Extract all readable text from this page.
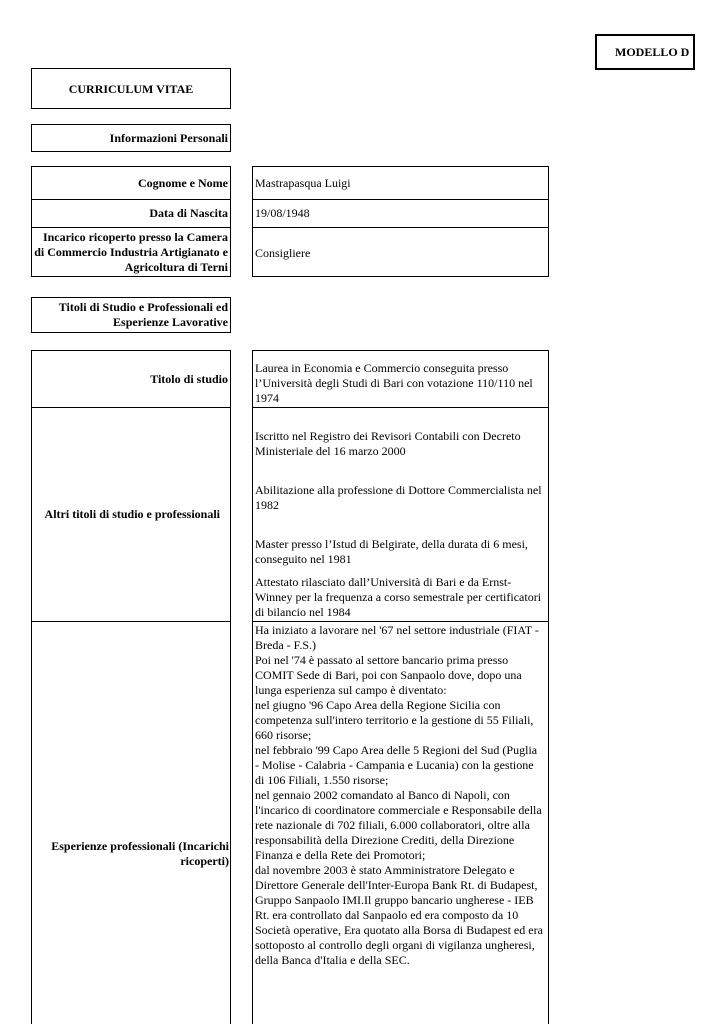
MODELLO D
CURRICULUM VITAE
Informazioni Personali
Cognome e Nome
Data di Nascita
Incarico ricoperto presso la Camera di Commercio Industria Artigianato e Agricoltura di Terni
Mastrapasqua Luigi
19/08/1948
Consigliere
Titoli di Studio e Professionali ed Esperienze Lavorative
Titolo di studio
Laurea in Economia e Commercio conseguita presso l’Università degli Studi di Bari con votazione 110/110 nel 1974
Altri titoli di studio e professionali
Iscritto nel Registro dei Revisori Contabili con Decreto Ministeriale del 16 marzo 2000
Abilitazione alla professione di Dottore Commercialista nel 1982
Master presso l’Istud di Belgirate, della durata di 6 mesi, conseguito nel 1981
Attestato rilasciato dall’Università di Bari e da Ernst-Winney per la frequenza a corso semestrale per certificatori di bilancio nel 1984
Esperienze professionali (Incarichi ricoperti)

Ha iniziato a lavorare nel '67 nel settore industriale (FIAT - Breda - F.S.)

Poi nel '74 è passato al settore bancario prima presso COMIT Sede di Bari, poi con Sanpaolo dove, dopo una lunga esperienza sul campo è diventato:

nel giugno '96 Capo Area della Regione Sicilia con competenza sull'intero territorio e la gestione di 55 Filiali, 660 risorse;

nel febbraio '99 Capo Area delle 5 Regioni del Sud (Puglia - Molise - Calabria - Campania e Lucania) con la gestione di 106 Filiali, 1.550 risorse;

nel gennaio 2002 comandato al Banco di Napoli, con l'incarico di coordinatore commerciale e Responsabile della rete nazionale di 702 filiali, 6.000 collaboratori, oltre alla responsabilità della Direzione Crediti, della Direzione Finanza e della Rete dei Promotori;

dal novembre 2003 è stato Amministratore Delegato e Direttore Generale dell'Inter-Europa Bank Rt. di Budapest, Gruppo Sanpaolo IMI.Il gruppo bancario ungherese - IEB Rt. era controllato dal Sanpaolo ed era composto da 10 Società operative, Era quotato alla Borsa di Budapest ed era sottoposto al controllo degli organi di vigilanza ungheresi, della Banca d'Italia e della SEC.
